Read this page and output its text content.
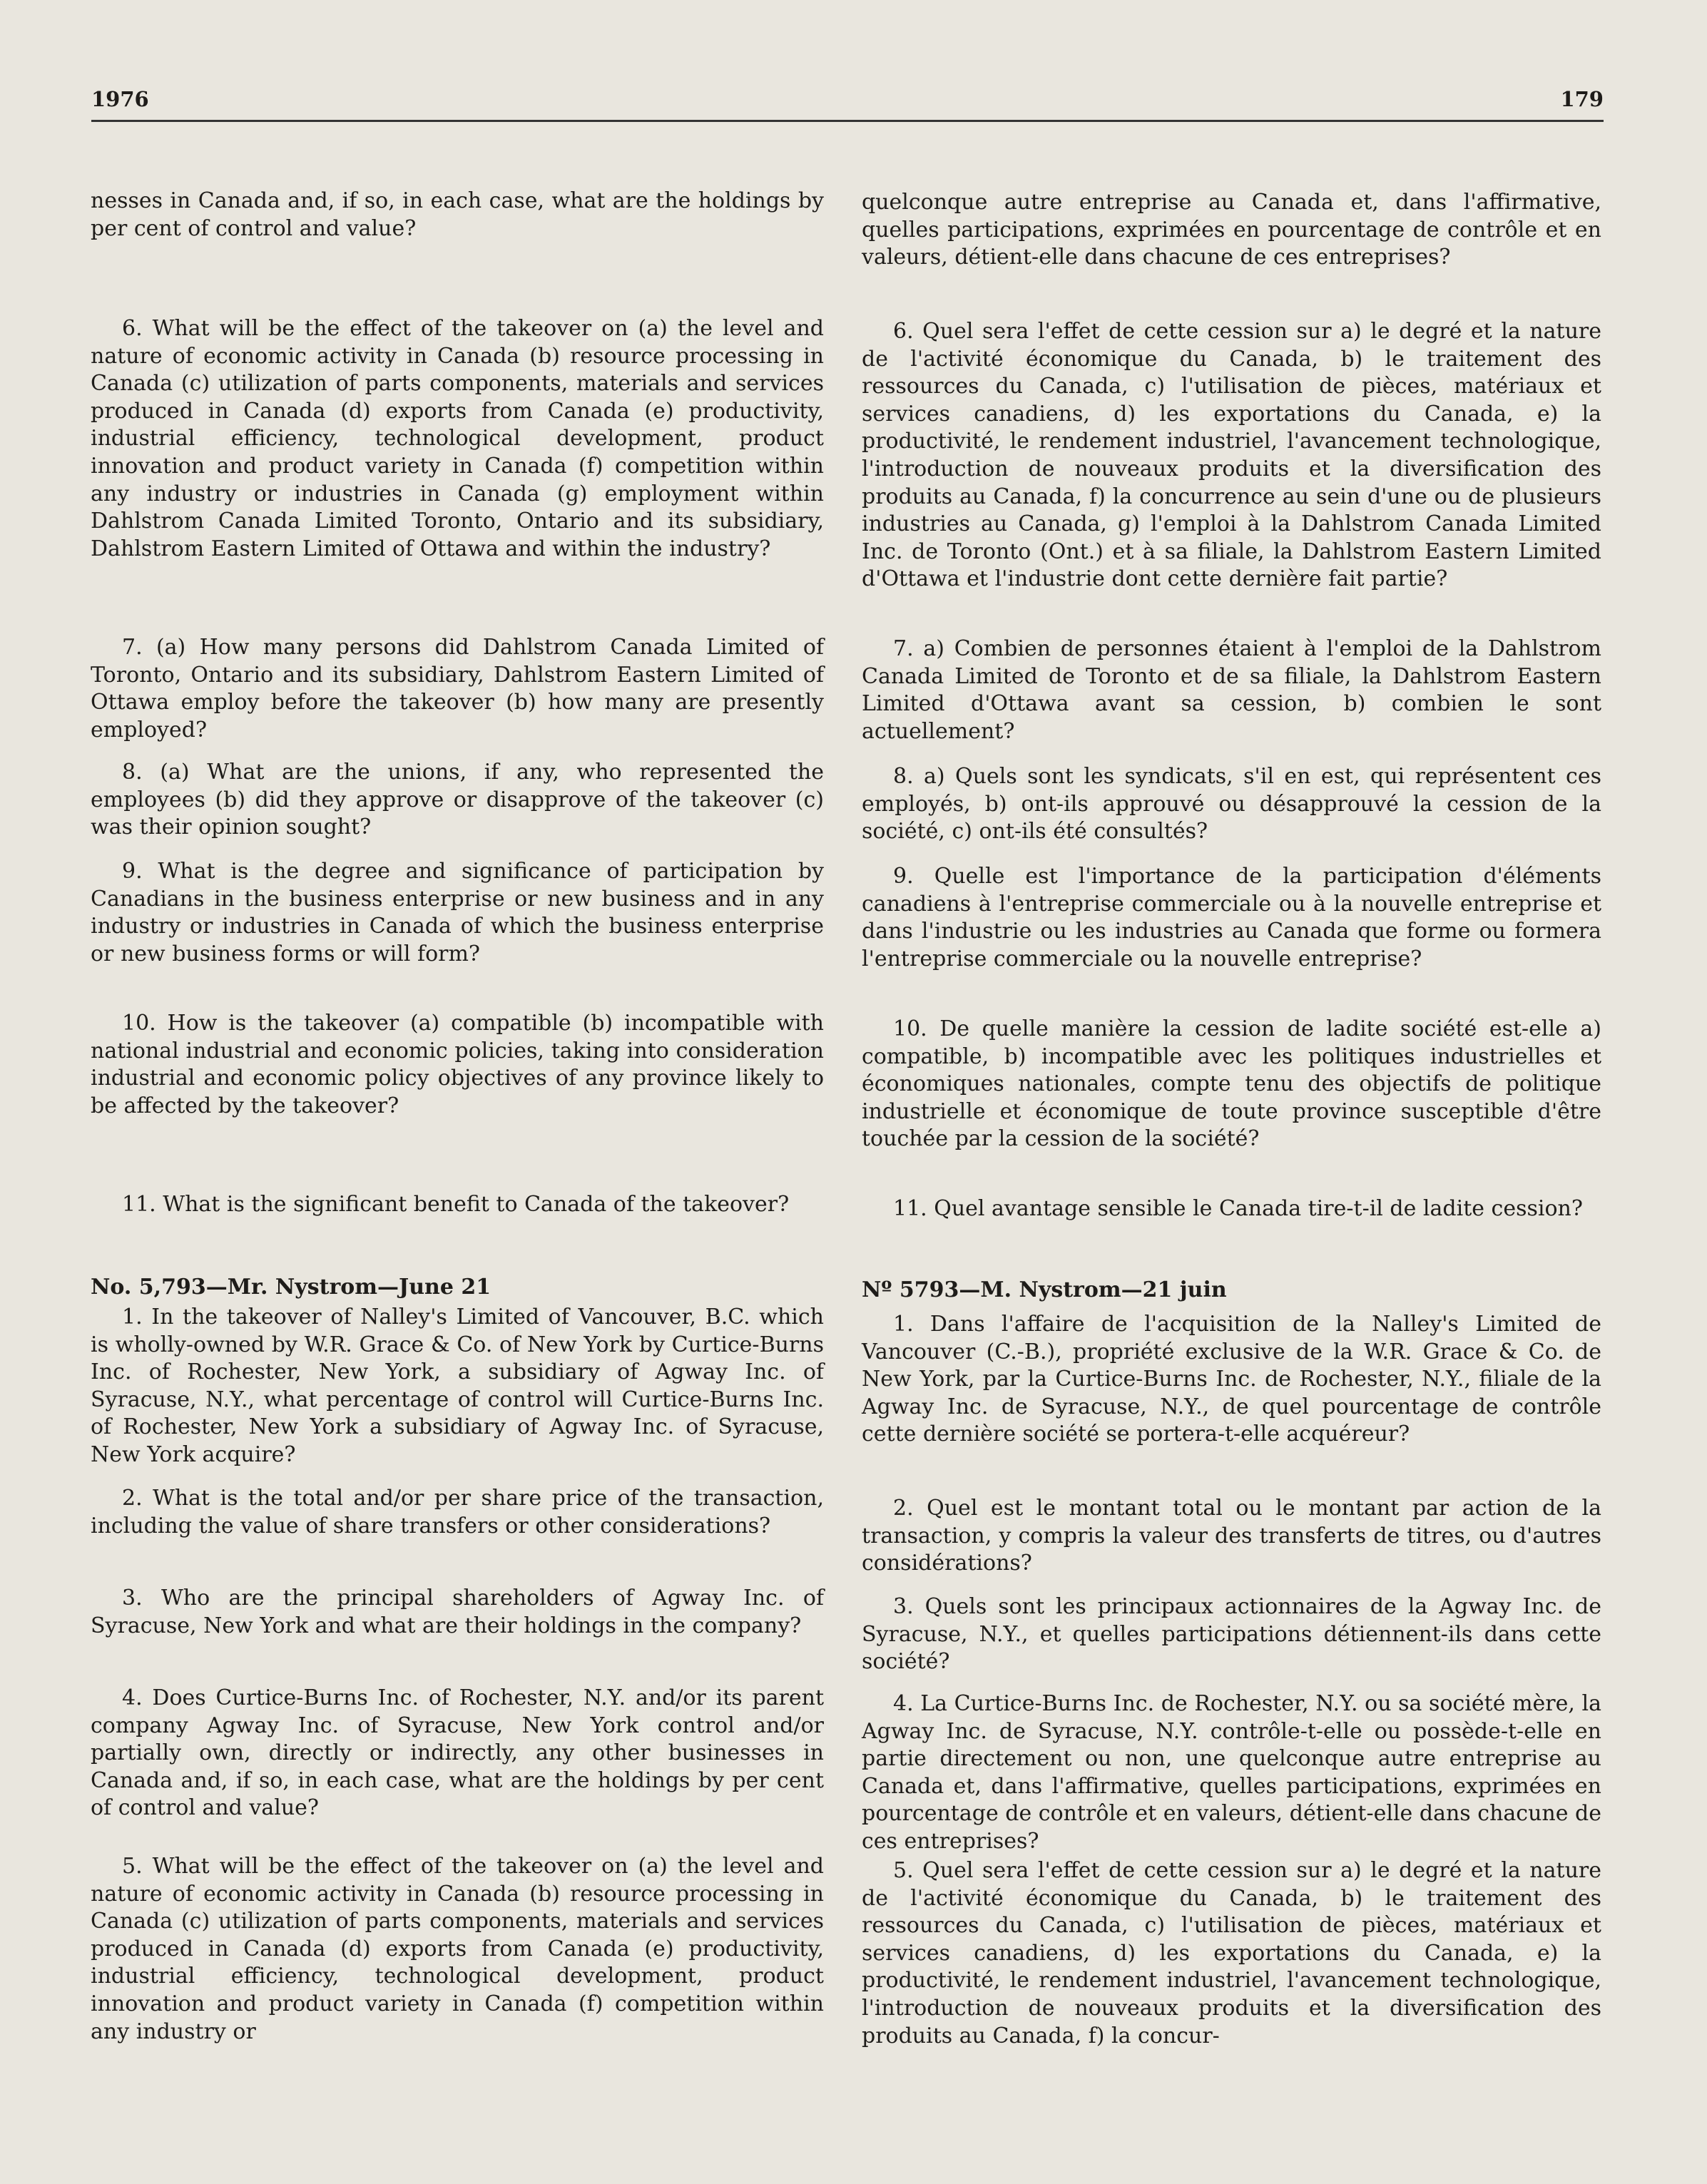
1976	179

nesses in Canada and, if so, in each case, what are the holdings by per cent of control and value?

6. What will be the effect of the takeover on (a) the level and nature of economic activity in Canada (b) resource processing in Canada (c) utilization of parts components, materials and services produced in Canada (d) exports from Canada (e) productivity, industrial efficiency, technological development, product innovation and product variety in Canada (f) competition within any industry or industries in Canada (g) employment within Dahlstrom Canada Limited Toronto, Ontario and its subsidiary, Dahlstrom Eastern Limited of Ottawa and within the industry?

7. (a) How many persons did Dahlstrom Canada Limited of Toronto, Ontario and its subsidiary, Dahlstrom Eastern Limited of Ottawa employ before the takeover (b) how many are presently employed?

8. (a) What are the unions, if any, who represented the employees (b) did they approve or disapprove of the takeover (c) was their opinion sought?

9. What is the degree and significance of participation by Canadians in the business enterprise or new business and in any industry or industries in Canada of which the business enterprise or new business forms or will form?

10. How is the takeover (a) compatible (b) incompatible with national industrial and economic policies, taking into consideration industrial and economic policy objectives of any province likely to be affected by the takeover?

11. What is the significant benefit to Canada of the takeover?

No. 5,793—Mr. Nystrom—June 21

1. In the takeover of Nalley's Limited of Vancouver, B.C. which is wholly-owned by W.R. Grace & Co. of New York by Curtice-Burns Inc. of Rochester, New York, a subsidiary of Agway Inc. of Syracuse, N.Y., what percentage of control will Curtice-Burns Inc. of Rochester, New York a subsidiary of Agway Inc. of Syracuse, New York acquire?

2. What is the total and/or per share price of the transaction, including the value of share transfers or other considerations?

3. Who are the principal shareholders of Agway Inc. of Syracuse, New York and what are their holdings in the company?

4. Does Curtice-Burns Inc. of Rochester, N.Y. and/or its parent company Agway Inc. of Syracuse, New York control and/or partially own, directly or indirectly, any other businesses in Canada and, if so, in each case, what are the holdings by per cent of control and value?

5. What will be the effect of the takeover on (a) the level and nature of economic activity in Canada (b) resource processing in Canada (c) utilization of parts components, materials and services produced in Canada (d) exports from Canada (e) productivity, industrial efficiency, technological development, product innovation and product variety in Canada (f) competition within any industry or

quelconque autre entreprise au Canada et, dans l'affirmative, quelles participations, exprimées en pourcentage de contrôle et en valeurs, détient-elle dans chacune de ces entreprises?

6. Quel sera l'effet de cette cession sur a) le degré et la nature de l'activité économique du Canada, b) le traitement des ressources du Canada, c) l'utilisation de pièces, matériaux et services canadiens, d) les exportations du Canada, e) la productivité, le rendement industriel, l'avancement technologique, l'introduction de nouveaux produits et la diversification des produits au Canada, f) la concurrence au sein d'une ou de plusieurs industries au Canada, g) l'emploi à la Dahlstrom Canada Limited Inc. de Toronto (Ont.) et à sa filiale, la Dahlstrom Eastern Limited d'Ottawa et l'industrie dont cette dernière fait partie?

7. a) Combien de personnes étaient à l'emploi de la Dahlstrom Canada Limited de Toronto et de sa filiale, la Dahlstrom Eastern Limited d'Ottawa avant sa cession, b) combien le sont actuellement?

8. a) Quels sont les syndicats, s'il en est, qui représentent ces employés, b) ont-ils approuvé ou désapprouvé la cession de la société, c) ont-ils été consultés?

9. Quelle est l'importance de la participation d'éléments canadiens à l'entreprise commerciale ou à la nouvelle entreprise et dans l'industrie ou les industries au Canada que forme ou formera l'entreprise commerciale ou la nouvelle entreprise?

10. De quelle manière la cession de ladite société est-elle a) compatible, b) incompatible avec les politiques industrielles et économiques nationales, compte tenu des objectifs de politique industrielle et économique de toute province susceptible d'être touchée par la cession de la société?

11. Quel avantage sensible le Canada tire-t-il de ladite cession?

Nº 5793—M. Nystrom—21 juin

1. Dans l'affaire de l'acquisition de la Nalley's Limited de Vancouver (C.-B.), propriété exclusive de la W.R. Grace & Co. de New York, par la Curtice-Burns Inc. de Rochester, N.Y., filiale de la Agway Inc. de Syracuse, N.Y., de quel pourcentage de contrôle cette dernière société se portera-t-elle acquéreur?

2. Quel est le montant total ou le montant par action de la transaction, y compris la valeur des transferts de titres, ou d'autres considérations?

3. Quels sont les principaux actionnaires de la Agway Inc. de Syracuse, N.Y., et quelles participations détiennent-ils dans cette société?

4. La Curtice-Burns Inc. de Rochester, N.Y. ou sa société mère, la Agway Inc. de Syracuse, N.Y. contrôle-t-elle ou possède-t-elle en partie directement ou non, une quelconque autre entreprise au Canada et, dans l'affirmative, quelles participations, exprimées en pourcentage de contrôle et en valeurs, détient-elle dans chacune de ces entreprises?

5. Quel sera l'effet de cette cession sur a) le degré et la nature de l'activité économique du Canada, b) le traitement des ressources du Canada, c) l'utilisation de pièces, matériaux et services canadiens, d) les exportations du Canada, e) la productivité, le rendement industriel, l'avancement technologique, l'introduction de nouveaux produits et la diversification des produits au Canada, f) la concur-
